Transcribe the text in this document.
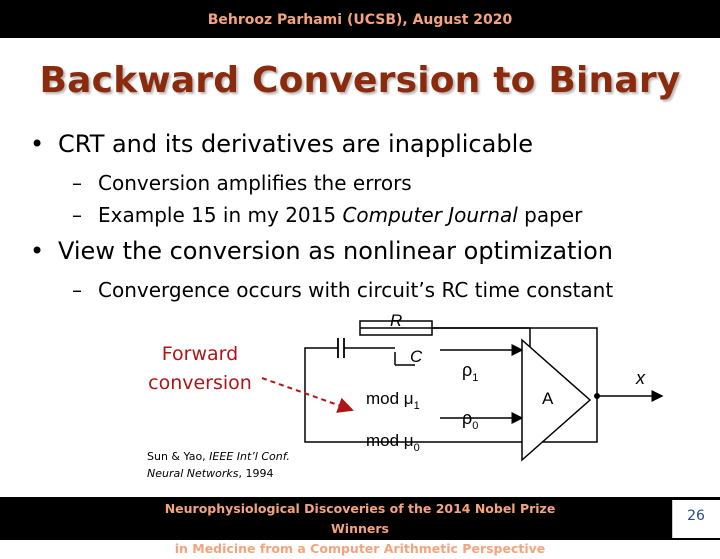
Behrooz Parhami (UCSB), August 2020
Backward Conversion to Binary
• CRT and its derivatives are inapplicable
– Conversion amplifies the errors
– Example 15 in my 2015 Computer Journal paper
• View the conversion as nonlinear optimization
– Convergence occurs with circuit’s RC time constant
Forward
conversion
Sun & Yao, IEEE Int’l Conf.
Neural Networks, 1994
R
C
mod $\mu_1$
mod $\mu_0$
$\rho_1$
$\rho_0$
A
x
Neurophysiological Discoveries of the 2014 Nobel Prize Winners
in Medicine from a Computer Arithmetic Perspective
26
